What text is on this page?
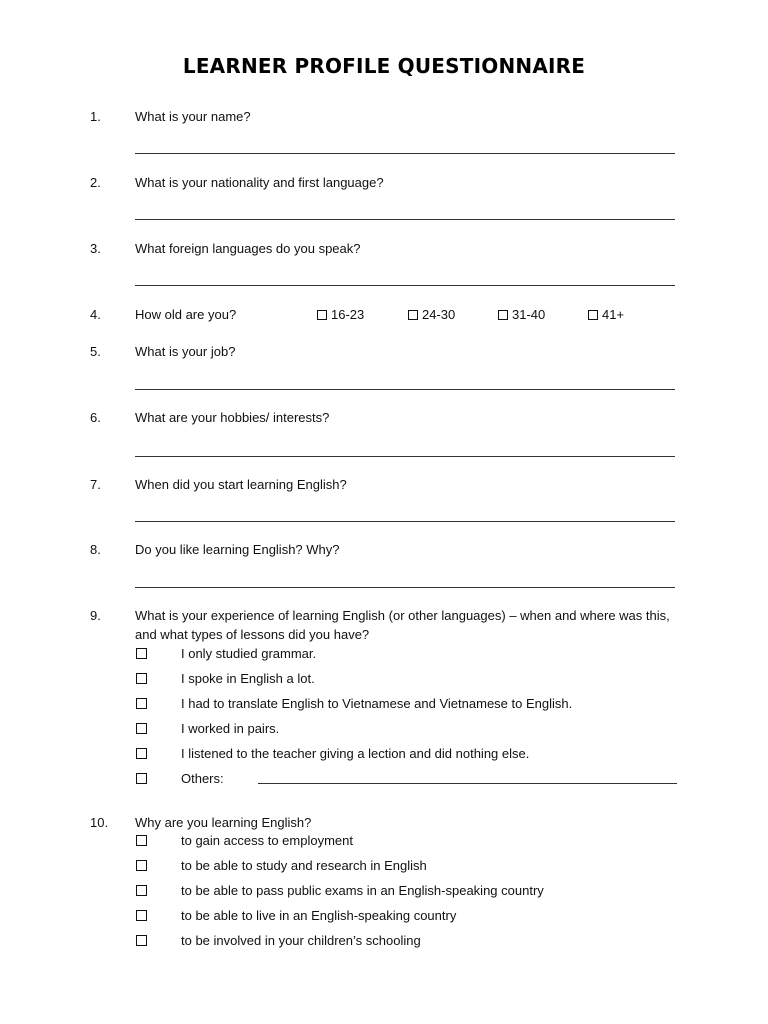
LEARNER PROFILE QUESTIONNAIRE
1.	What is your name?
2.	What is your nationality and first language?
3.	What foreign languages do you speak?
4.	How old are you?	16-23	24-30	31-40	41+
5.	What is your job?
6.	What are your hobbies/ interests?
7.	When did you start learning English?
8.	Do you like learning English? Why?
9.	What is your experience of learning English (or other languages) – when and where was this, and what types of lessons did you have?
I only studied grammar.
I spoke in English a lot.
I had to translate English to Vietnamese and Vietnamese to English.
I worked in pairs.
I listened to the teacher giving a lection and did nothing else.
Others:
10. Why are you learning English?
to gain access to employment
to be able to study and research in English
to be able to pass public exams in an English-speaking country
to be able to live in an English-speaking country
to be involved in your children’s schooling
